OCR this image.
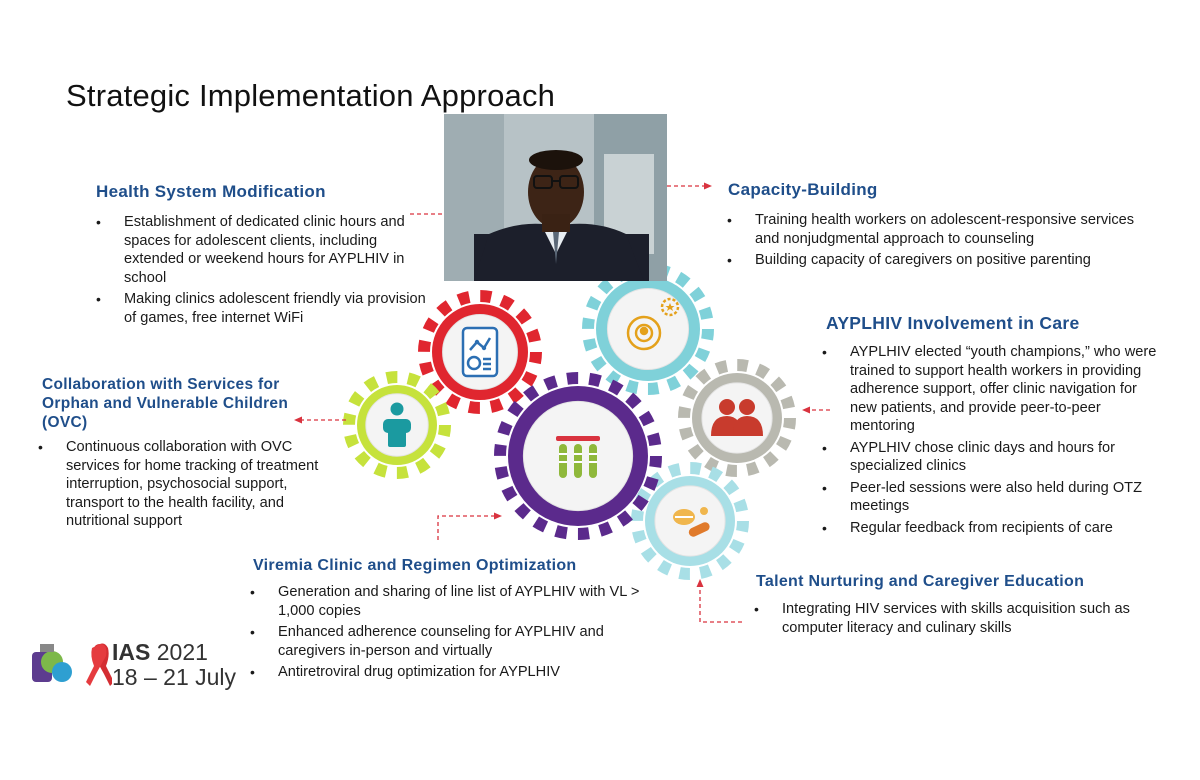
Strategic Implementation Approach
Health System Modification
• Establishment of dedicated clinic hours and spaces for adolescent clients, including extended or weekend hours for AYPLHIV in school
• Making clinics adolescent friendly via provision of games, free internet WiFi
Capacity-Building
• Training health workers on adolescent-responsive services and nonjudgmental approach to counseling
• Building capacity of caregivers on positive parenting
AYPLHIV Involvement in Care
• AYPLHIV elected “youth champions,” who were trained to support health workers in providing adherence support, offer clinic navigation for new patients, and provide peer-to-peer mentoring
• AYPLHIV chose clinic days and hours for specialized clinics
• Peer-led sessions were also held during OTZ meetings
• Regular feedback from recipients of care
Collaboration with Services for Orphan and Vulnerable Children (OVC)
• Continuous collaboration with OVC services for home tracking of treatment interruption, psychosocial support, transport to the health facility, and nutritional support
Viremia Clinic and Regimen Optimization
• Generation and sharing of line list of AYPLHIV with VL > 1,000 copies
• Enhanced adherence counseling for AYPLHIV and caregivers in-person and virtually
• Antiretroviral drug optimization for AYPLHIV
Talent Nurturing and Caregiver Education
• Integrating HIV services with skills acquisition such as computer literacy and culinary skills
IAS 2021
18 – 21 July
